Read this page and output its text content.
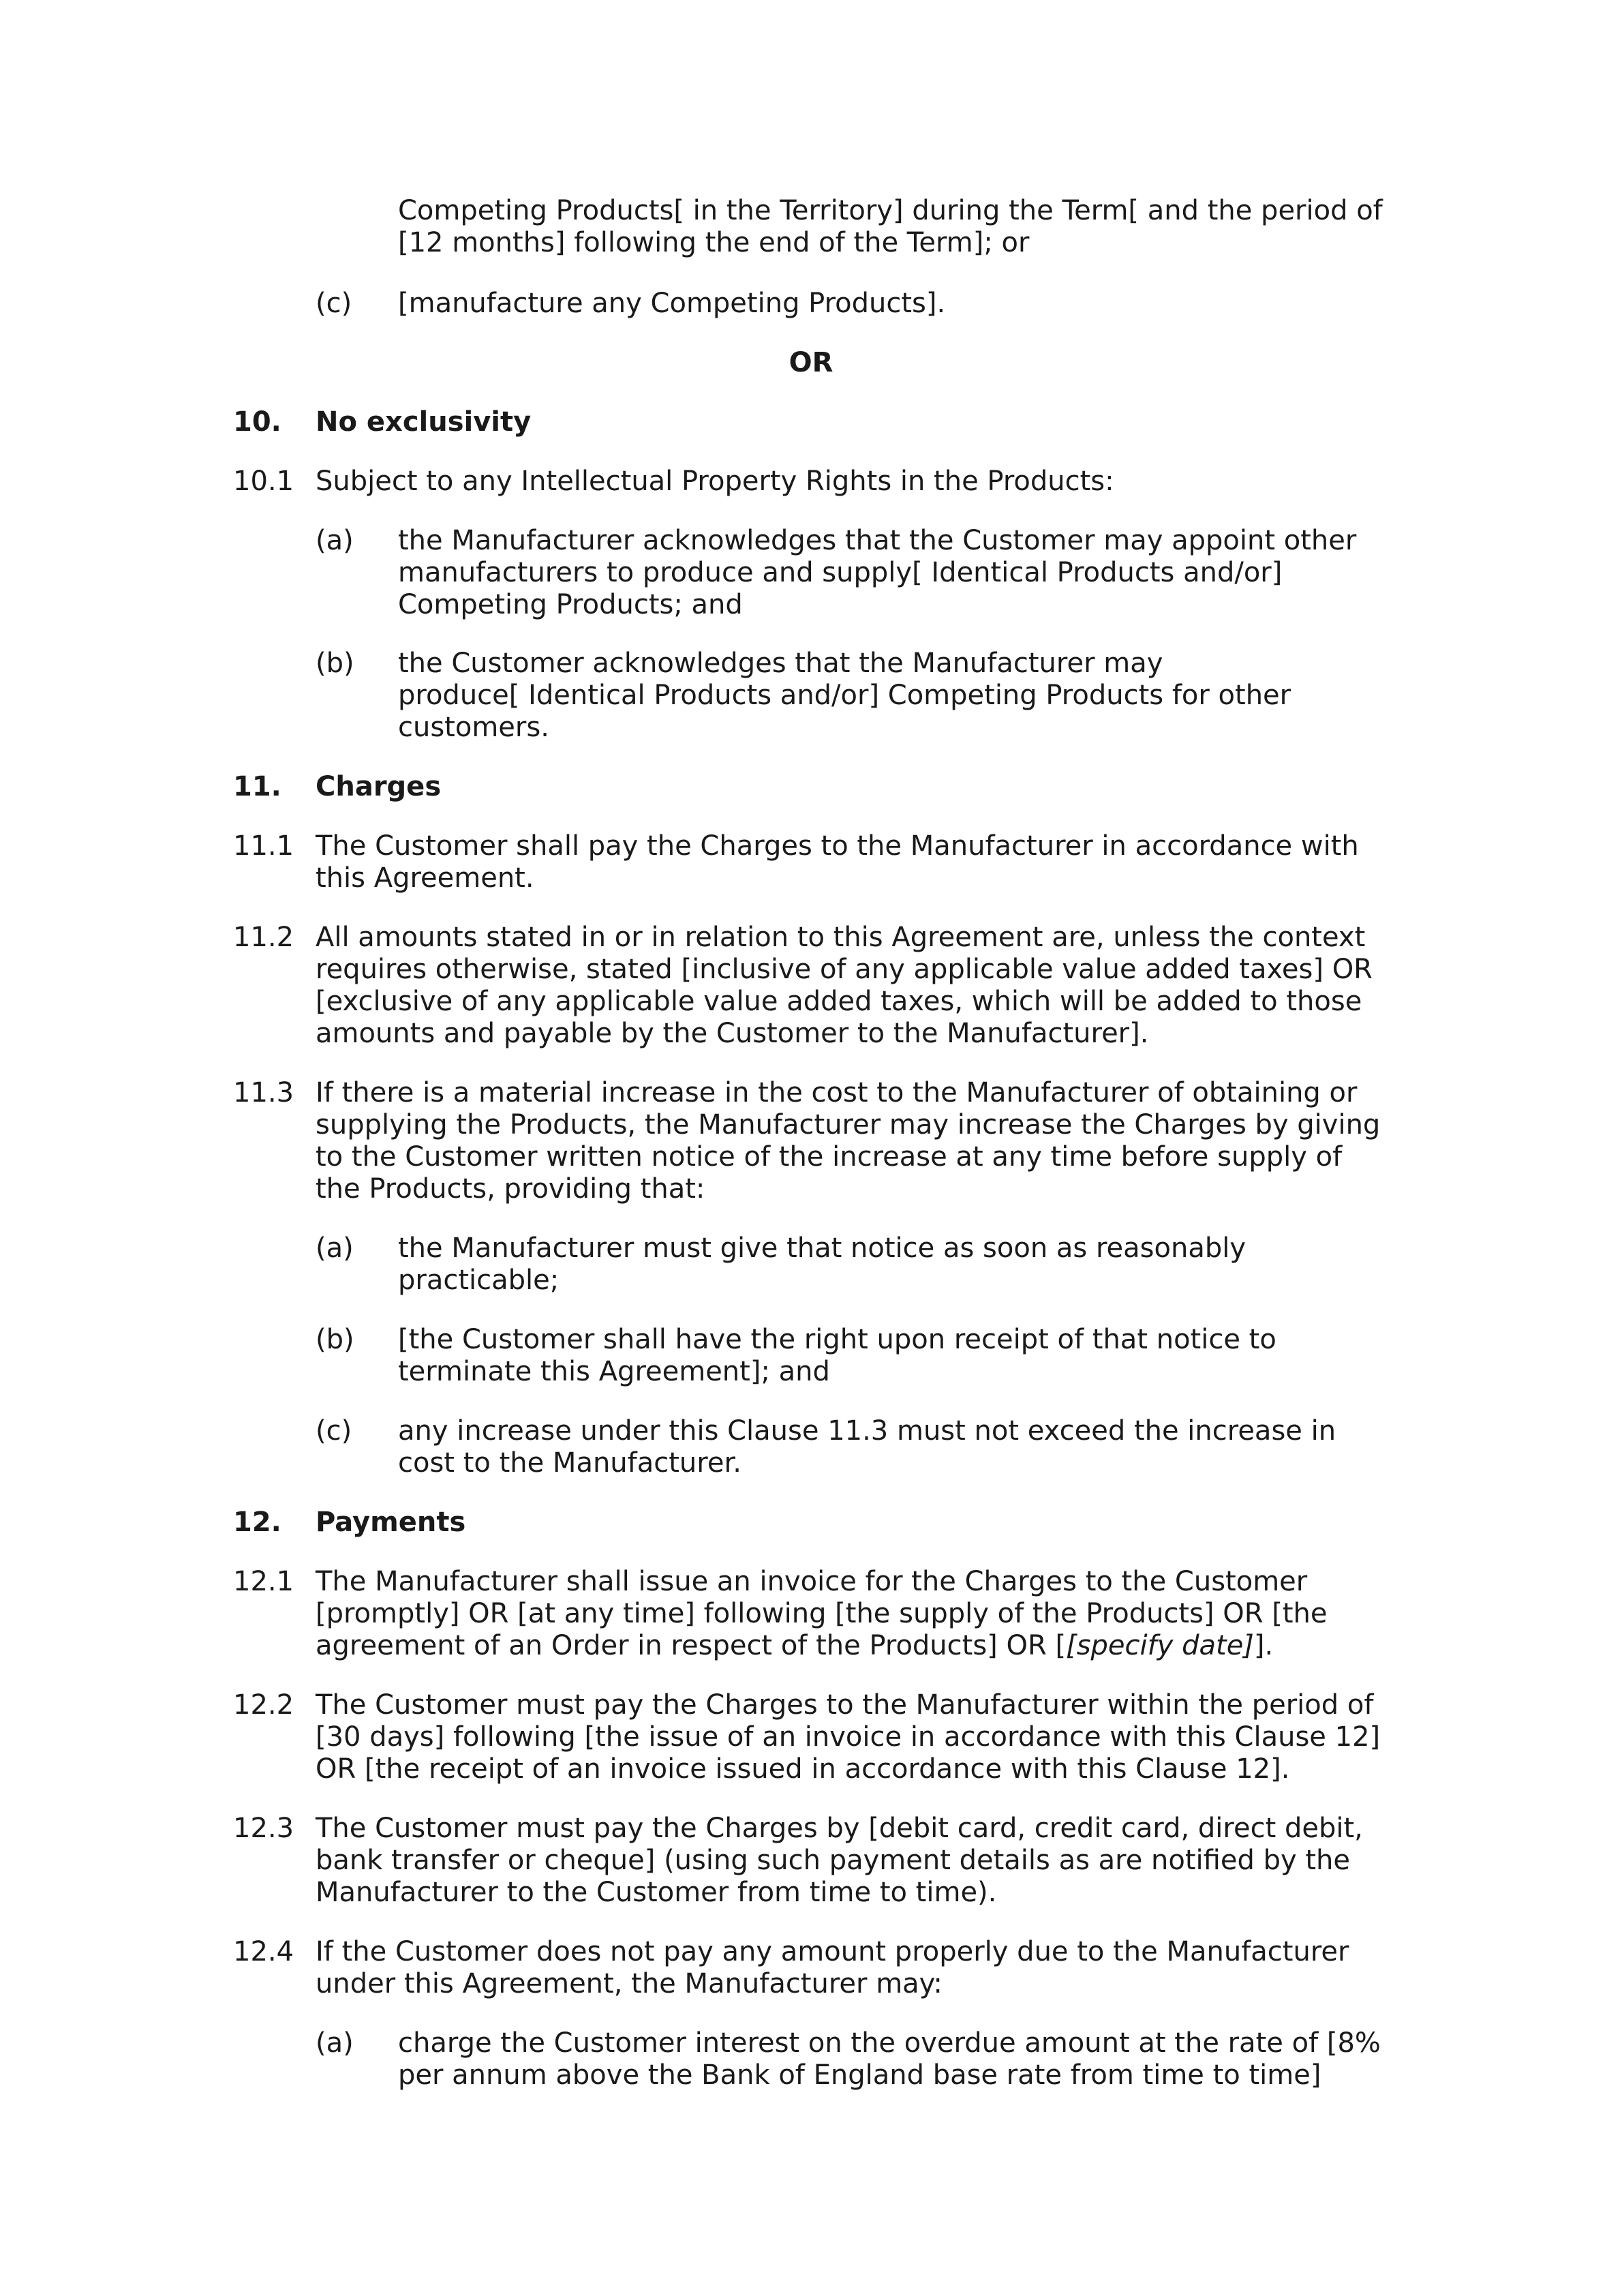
Competing Products[ in the Territory] during the Term[ and the period of
[12 months] following the end of the Term]; or
(c) [manufacture any Competing Products].
OR
10. No exclusivity
10.1 Subject to any Intellectual Property Rights in the Products:
(a) the Manufacturer acknowledges that the Customer may appoint other
manufacturers to produce and supply[ Identical Products and/or]
Competing Products; and
(b) the Customer acknowledges that the Manufacturer may
produce[ Identical Products and/or] Competing Products for other
customers.
11. Charges
11.1 The Customer shall pay the Charges to the Manufacturer in accordance with
this Agreement.
11.2 All amounts stated in or in relation to this Agreement are, unless the context
requires otherwise, stated [inclusive of any applicable value added taxes] OR
[exclusive of any applicable value added taxes, which will be added to those
amounts and payable by the Customer to the Manufacturer].
11.3 If there is a material increase in the cost to the Manufacturer of obtaining or
supplying the Products, the Manufacturer may increase the Charges by giving
to the Customer written notice of the increase at any time before supply of
the Products, providing that:
(a) the Manufacturer must give that notice as soon as reasonably
practicable;
(b) [the Customer shall have the right upon receipt of that notice to
terminate this Agreement]; and
(c) any increase under this Clause 11.3 must not exceed the increase in
cost to the Manufacturer.
12. Payments
12.1 The Manufacturer shall issue an invoice for the Charges to the Customer
[promptly] OR [at any time] following [the supply of the Products] OR [the
agreement of an Order in respect of the Products] OR [[specify date]].
12.2 The Customer must pay the Charges to the Manufacturer within the period of
[30 days] following [the issue of an invoice in accordance with this Clause 12]
OR [the receipt of an invoice issued in accordance with this Clause 12].
12.3 The Customer must pay the Charges by [debit card, credit card, direct debit,
bank transfer or cheque] (using such payment details as are notified by the
Manufacturer to the Customer from time to time).
12.4 If the Customer does not pay any amount properly due to the Manufacturer
under this Agreement, the Manufacturer may:
(a) charge the Customer interest on the overdue amount at the rate of [8%
per annum above the Bank of England base rate from time to time]
